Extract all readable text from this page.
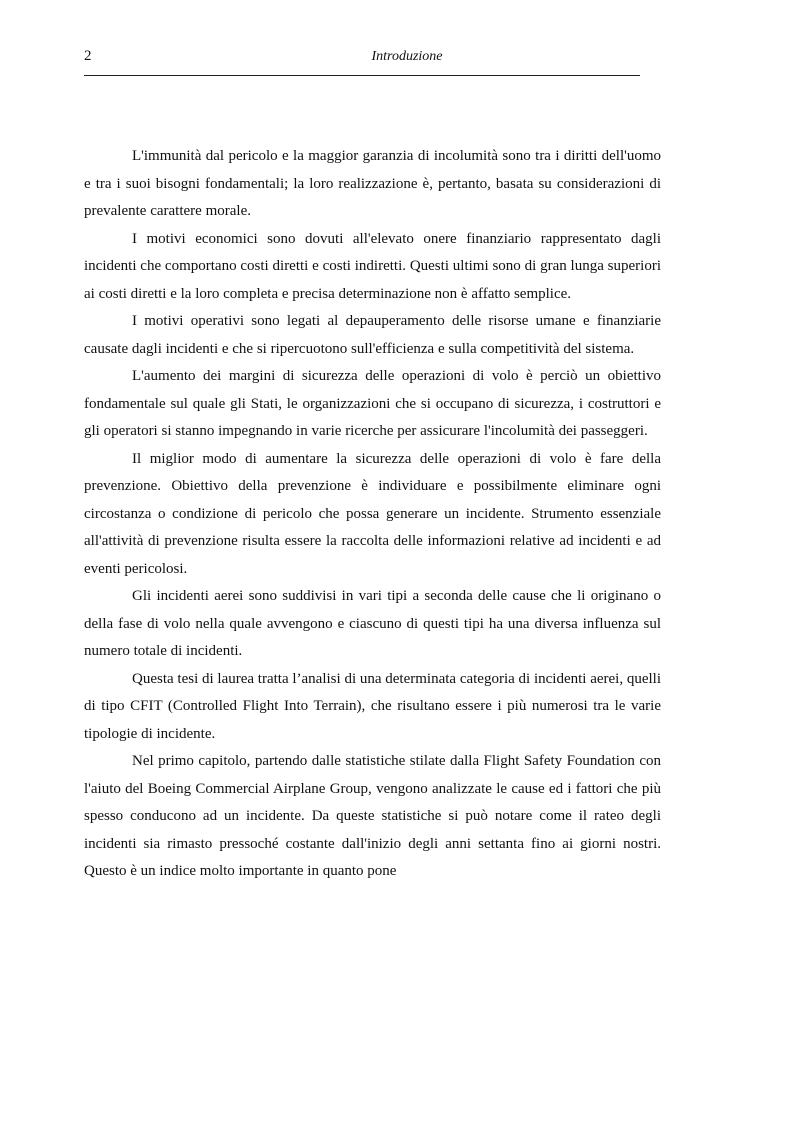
2	Introduzione

L'immunità dal pericolo e la maggior garanzia di incolumità sono tra i diritti dell'uomo e tra i suoi bisogni fondamentali; la loro realizzazione è, pertanto, basata su considerazioni di prevalente carattere morale.

I motivi economici sono dovuti all'elevato onere finanziario rappresentato dagli incidenti che comportano costi diretti e costi indiretti. Questi ultimi sono di gran lunga superiori ai costi diretti e la loro completa e precisa determinazione non è affatto semplice.

I motivi operativi sono legati al depauperamento delle risorse umane e finanziarie causate dagli incidenti e che si ripercuotono sull'efficienza e sulla competitività del sistema.

L'aumento dei margini di sicurezza delle operazioni di volo è perciò un obiettivo fondamentale sul quale gli Stati, le organizzazioni che si occupano di sicurezza, i costruttori e gli operatori si stanno impegnando in varie ricerche per assicurare l'incolumità dei passeggeri.

Il miglior modo di aumentare la sicurezza delle operazioni di volo è fare della prevenzione. Obiettivo della prevenzione è individuare e possibilmente eliminare ogni circostanza o condizione di pericolo che possa generare un incidente. Strumento essenziale all'attività di prevenzione risulta essere la raccolta delle informazioni relative ad incidenti e ad eventi pericolosi.

Gli incidenti aerei sono suddivisi in vari tipi a seconda delle cause che li originano o della fase di volo nella quale avvengono e ciascuno di questi tipi ha una diversa influenza sul numero totale di incidenti.

Questa tesi di laurea tratta l’analisi di una determinata categoria di incidenti aerei, quelli di tipo CFIT (Controlled Flight Into Terrain), che risultano essere i più numerosi tra le varie tipologie di incidente.

Nel primo capitolo, partendo dalle statistiche stilate dalla Flight Safety Foundation con l'aiuto del Boeing Commercial Airplane Group, vengono analizzate le cause ed i fattori che più spesso conducono ad un incidente. Da queste statistiche si può notare come il rateo degli incidenti sia rimasto pressoché costante dall'inizio degli anni settanta fino ai giorni nostri. Questo è un indice molto importante in quanto pone
